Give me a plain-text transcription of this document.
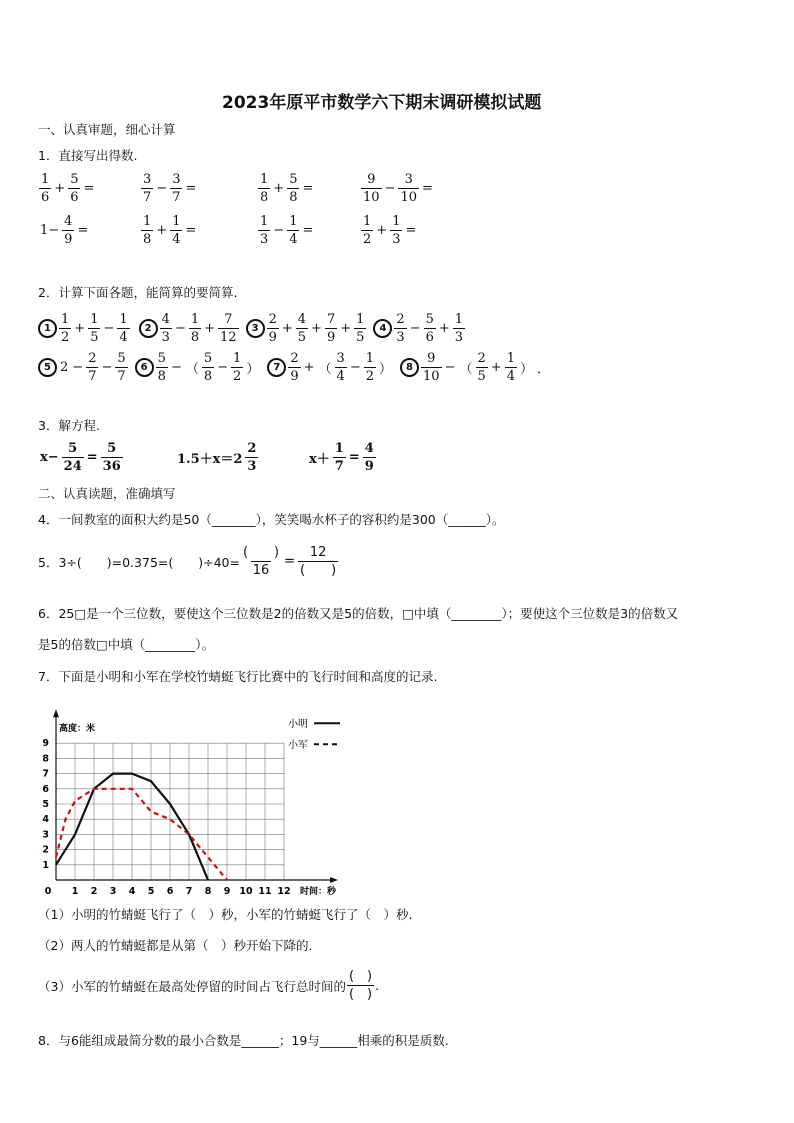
2023年原平市数学六下期末调研模拟试题
一、认真审题，细心计算
1．直接写出得数.
$\frac{1}{6} + \frac{5}{6}$ =	$\frac{3}{7} - \frac{3}{7}$ =	$\frac{1}{8} + \frac{5}{8}$ =	$\frac{9}{10} - \frac{3}{10}$ =
$1- \frac{4}{9}$ =	$\frac{1}{8} + \frac{1}{4}$ =	$\frac{1}{3} - \frac{1}{4}$ =	$\frac{1}{2} + \frac{1}{3}$ =
2．计算下面各题，能简算的要简算.
$1 \frac{1}{2} + \frac{1}{5} - \frac{1}{4}$	$2 \frac{4}{3} - \frac{1}{8} + \frac{7}{12}$	$3 \frac{2}{9} + \frac{4}{5} + \frac{7}{9} + \frac{1}{5}$	$4 \frac{2}{3} - \frac{5}{6} + \frac{1}{3}$
5 $2 - \frac{2}{7} - \frac{5}{7}$	$6 \frac{5}{8}$ − （ $\frac{5}{8} - \frac{1}{2}$ ）	$7 \frac{2}{9}$ + （ $\frac{3}{4} - \frac{1}{2}$ ）	$8 \frac{9}{10}$ − （ $\frac{2}{5} + \frac{1}{4}$ ） ．
3．解方程.
$x- \frac{5}{24} = \frac{5}{36}$	$1.5+x=2 \frac{2}{3}$	$x+ \frac{1}{7} = \frac{4}{9}$
二、认真读题，准确填写
4．一间教室的面积大约是50（_______），笑笑喝水杯子的容积约是300（______）。
5．3÷(　　)=0.375=(　　)$\div 40= \frac{( )}{16} = \frac{12}{( )}$
6．25□是一个三位数，要使这个三位数是2的倍数又是5的倍数，□中填（________）；要使这个三位数是3的倍数又
是5的倍数□中填（________）。
7．下面是小明和小军在学校竹蜻蜓飞行比赛中的飞行时间和高度的记录.
0 1 2 3 4 5 6 7 8 9 10 11 12
1
2
3
4
5
6
7
8
9
高度：米
时间：秒
小明
小军
（1）小明的竹蜻蜓飞行了（　）秒，小军的竹蜻蜓飞行了（　）秒.
（2）两人的竹蜻蜓都是从第（　）秒开始下降的.
（3）小军的竹蜻蜓在最高处停留的时间占飞行总时间的 $\frac{( )}{( )}$ .
8．与6能组成最简分数的最小合数是______；19与______相乘的积是质数.
